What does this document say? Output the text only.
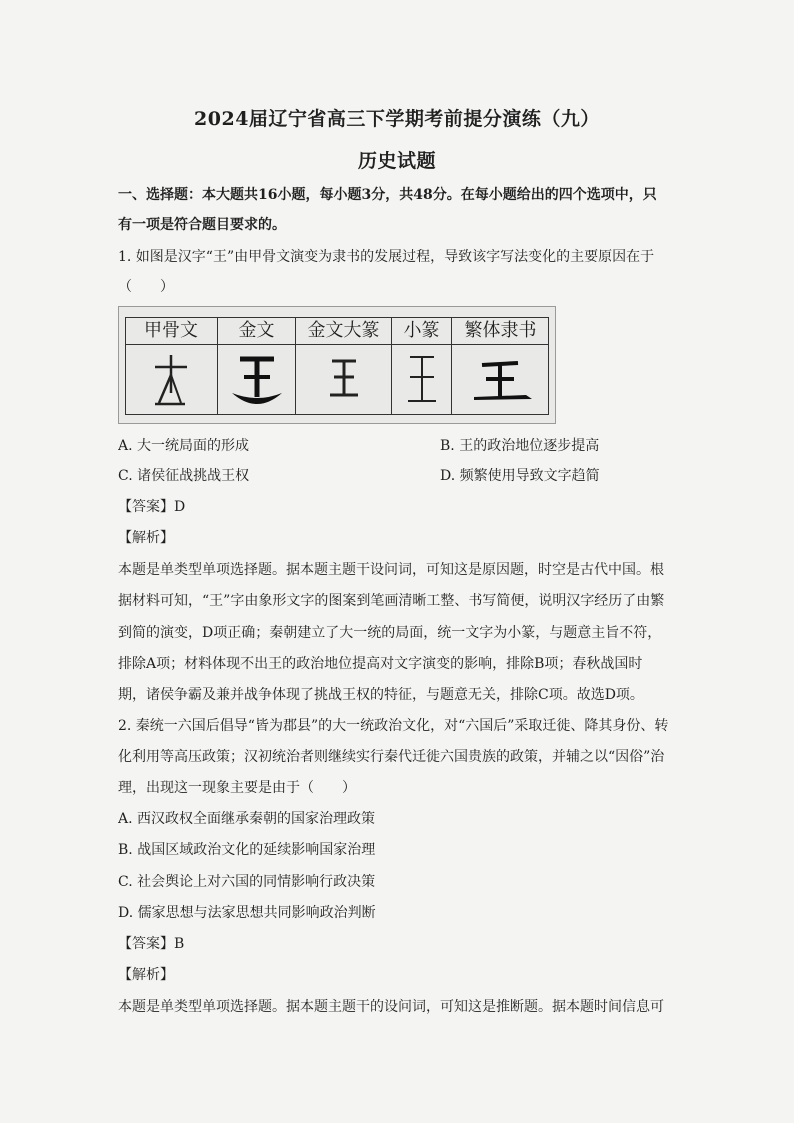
2024届辽宁省高三下学期考前提分演练（九）
历史试题
一、选择题：本大题共16小题，每小题3分，共48分。在每小题给出的四个选项中，只
有一项是符合题目要求的。
1. 如图是汉字“王”由甲骨文演变为隶书的发展过程，导致该字写法变化的主要原因在于
（　　）
甲骨文	金文	金文大篆	小篆	繁体隶书
A. 大一统局面的形成	B. 王的政治地位逐步提高
C. 诸侯征战挑战王权	D. 频繁使用导致文字趋简
【答案】D
【解析】
本题是单类型单项选择题。据本题主题干设问词，可知这是原因题，时空是古代中国。根
据材料可知，“王”字由象形文字的图案到笔画清晰工整、书写简便，说明汉字经历了由繁
到简的演变，D项正确；秦朝建立了大一统的局面，统一文字为小篆，与题意主旨不符，
排除A项；材料体现不出王的政治地位提高对文字演变的影响，排除B项；春秋战国时
期，诸侯争霸及兼并战争体现了挑战王权的特征，与题意无关，排除C项。故选D项。
2. 秦统一六国后倡导“皆为郡县”的大一统政治文化，对“六国后”采取迁徙、降其身份、转
化利用等高压政策；汉初统治者则继续实行秦代迁徙六国贵族的政策，并辅之以“因俗”治
理，出现这一现象主要是由于（　　）
A. 西汉政权全面继承秦朝的国家治理政策
B. 战国区域政治文化的延续影响国家治理
C. 社会舆论上对六国的同情影响行政决策
D. 儒家思想与法家思想共同影响政治判断
【答案】B
【解析】
本题是单类型单项选择题。据本题主题干的设问词，可知这是推断题。据本题时间信息可
